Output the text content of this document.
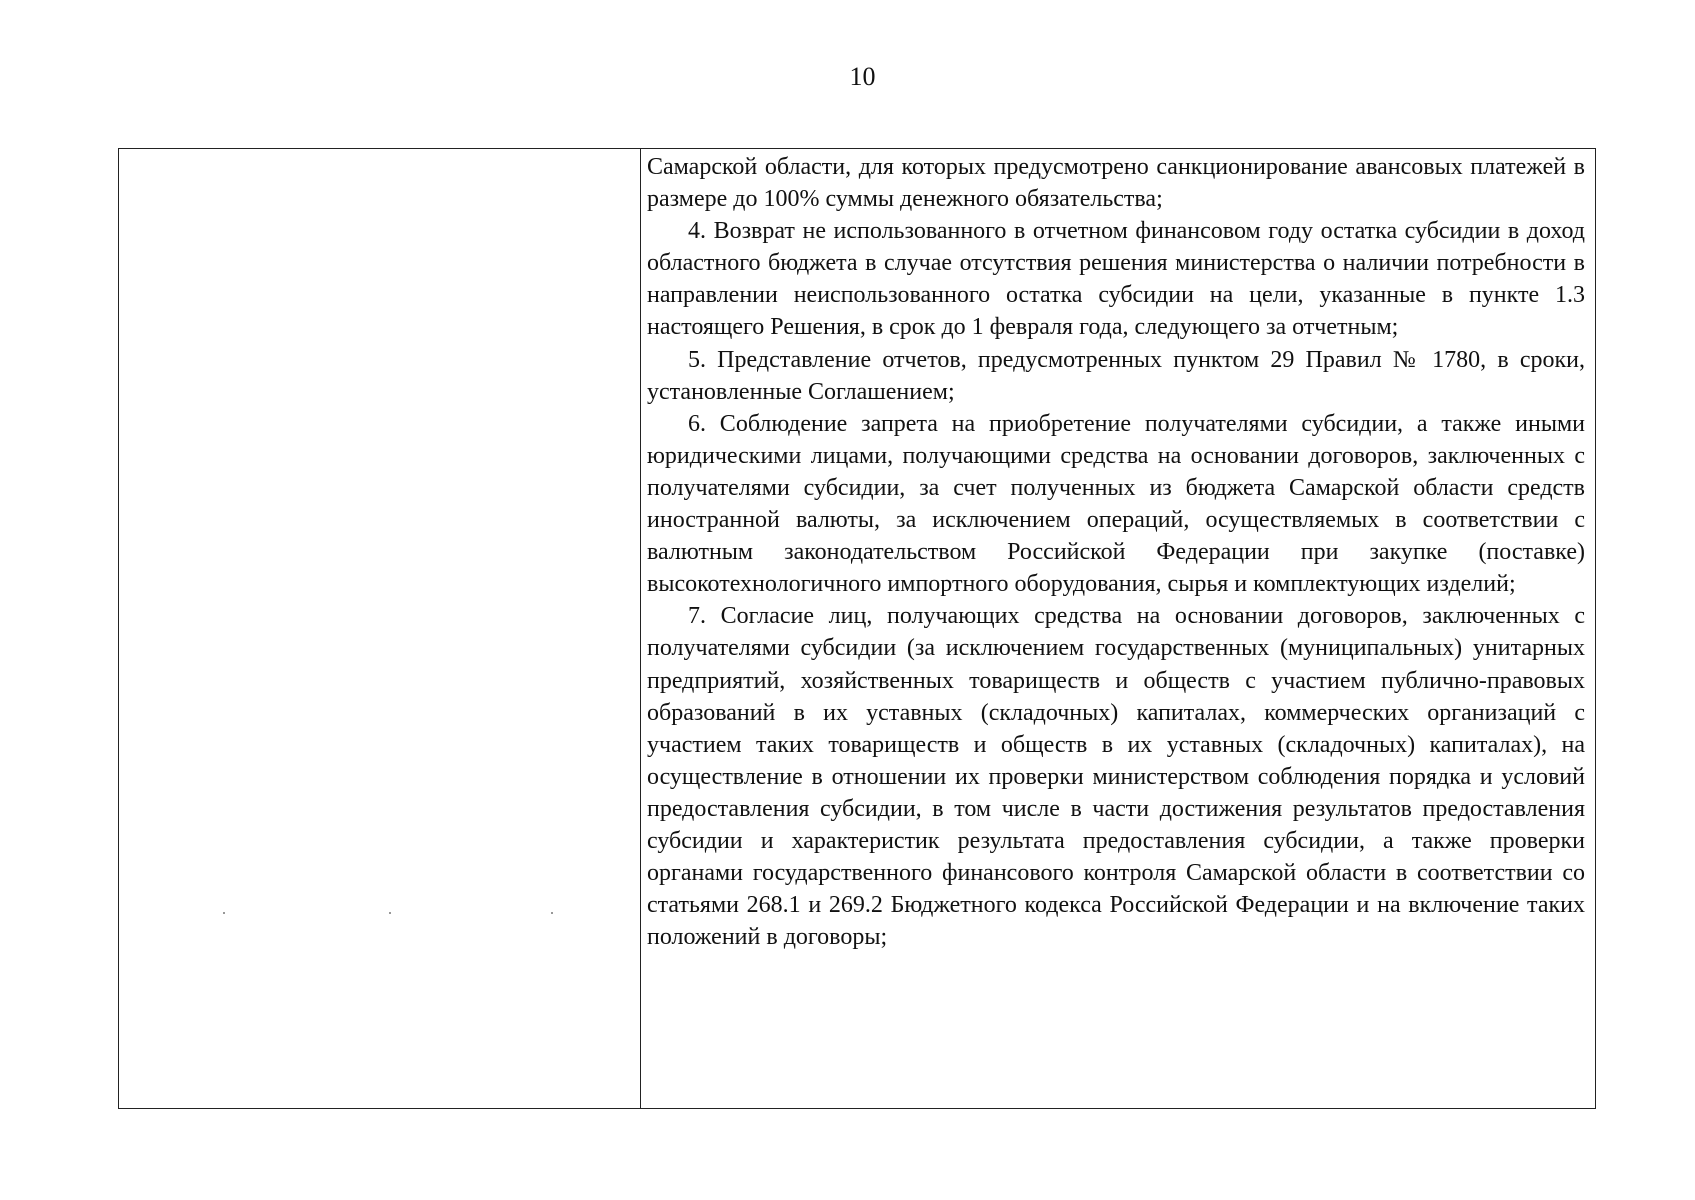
10

Самарской области, для которых предусмотрено санкционирование авансовых платежей в размере до 100% суммы денежного обязательства;

4. Возврат не использованного в отчетном финансовом году остатка субсидии в доход областного бюджета в случае отсутствия решения министерства о наличии потребности в направлении неиспользованного остатка субсидии на цели, указанные в пункте 1.3 настоящего Решения, в срок до 1 февраля года, следующего за отчетным;

5. Представление отчетов, предусмотренных пунктом 29 Правил № 1780, в сроки, установленные Соглашением;

6. Соблюдение запрета на приобретение получателями субсидии, а также иными юридическими лицами, получающими средства на основании договоров, заключенных с получателями субсидии, за счет полученных из бюджета Самарской области средств иностранной валюты, за исключением операций, осуществляемых в соответствии с валютным законодательством Российской Федерации при закупке (поставке) высокотехнологичного импортного оборудования, сырья и комплектующих изделий;

7. Согласие лиц, получающих средства на основании договоров, заключенных с получателями субсидии (за исключением государственных (муниципальных) унитарных предприятий, хозяйственных товариществ и обществ с участием публично-правовых образований в их уставных (складочных) капиталах, коммерческих организаций с участием таких товариществ и обществ в их уставных (складочных) капиталах), на осуществление в отношении их проверки министерством соблюдения порядка и условий предоставления субсидии, в том числе в части достижения результатов предоставления субсидии и характеристик результата предоставления субсидии, а также проверки органами государственного финансового контроля Самарской области в соответствии со статьями 268.1 и 269.2 Бюджетного кодекса Российской Федерации и на включение таких положений в договоры;
